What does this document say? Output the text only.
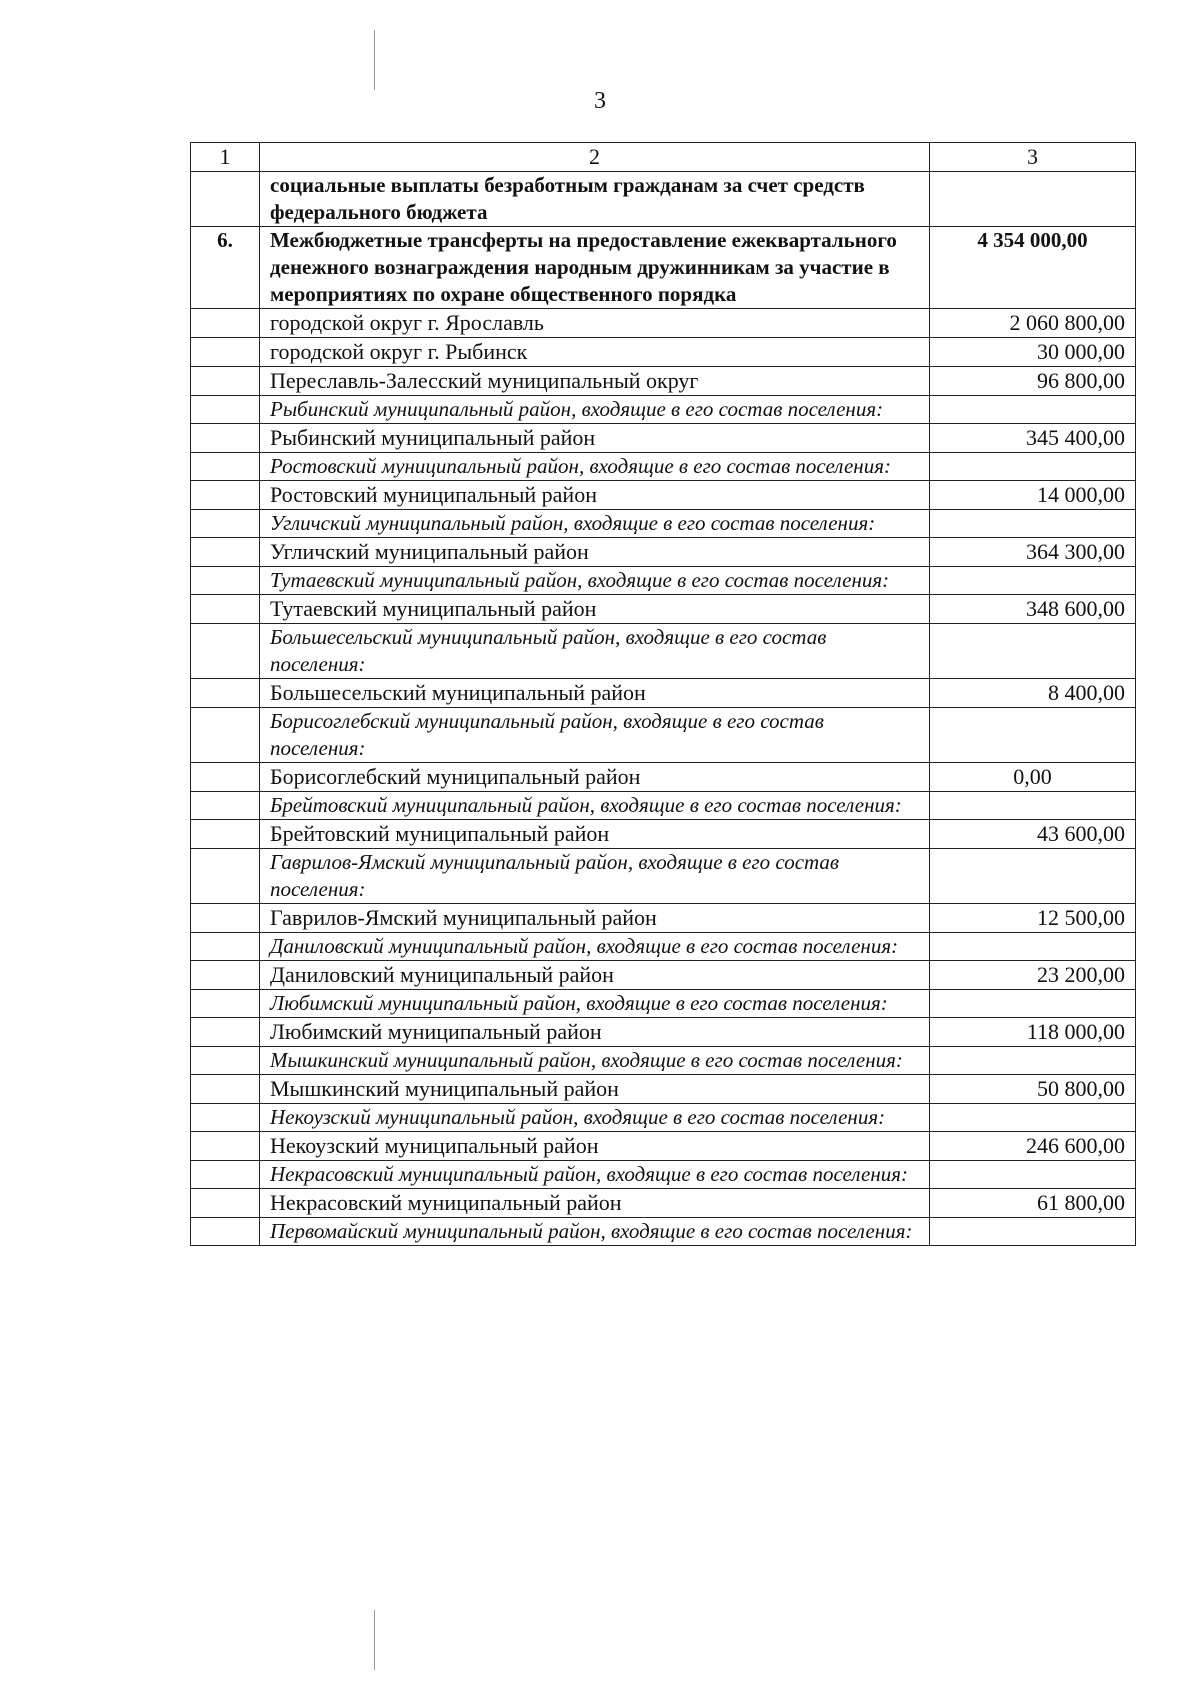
3
1	2	3
	социальные выплаты безработным гражданам за счет средств федерального бюджета	
6.	Межбюджетные трансферты на предоставление ежеквартального денежного вознаграждения народным дружинникам за участие в мероприятиях по охране общественного порядка	4 354 000,00
	городской округ г. Ярославль	2 060 800,00
	городской округ г. Рыбинск	30 000,00
	Переславль-Залесский муниципальный округ	96 800,00
	Рыбинский муниципальный район, входящие в его состав поселения:	
	Рыбинский муниципальный район	345 400,00
	Ростовский муниципальный район, входящие в его состав поселения:	
	Ростовский муниципальный район	14 000,00
	Угличский муниципальный район, входящие в его состав поселения:	
	Угличский муниципальный район	364 300,00
	Тутаевский муниципальный район, входящие в его состав поселения:	
	Тутаевский муниципальный район	348 600,00
	Большесельский муниципальный район, входящие в его состав поселения:	
	Большесельский муниципальный район	8 400,00
	Борисоглебский муниципальный район, входящие в его состав поселения:	
	Борисоглебский муниципальный район	0,00
	Брейтовский муниципальный район, входящие в его состав поселения:	
	Брейтовский муниципальный район	43 600,00
	Гаврилов-Ямский муниципальный район, входящие в его состав поселения:	
	Гаврилов-Ямский муниципальный район	12 500,00
	Даниловский муниципальный район, входящие в его состав поселения:	
	Даниловский муниципальный район	23 200,00
	Любимский муниципальный район, входящие в его состав поселения:	
	Любимский муниципальный район	118 000,00
	Мышкинский муниципальный район, входящие в его состав поселения:	
	Мышкинский муниципальный район	50 800,00
	Некоузский муниципальный район, входящие в его состав поселения:	
	Некоузский муниципальный район	246 600,00
	Некрасовский муниципальный район, входящие в его состав поселения:	
	Некрасовский муниципальный район	61 800,00
	Первомайский муниципальный район, входящие в его состав поселения:	
